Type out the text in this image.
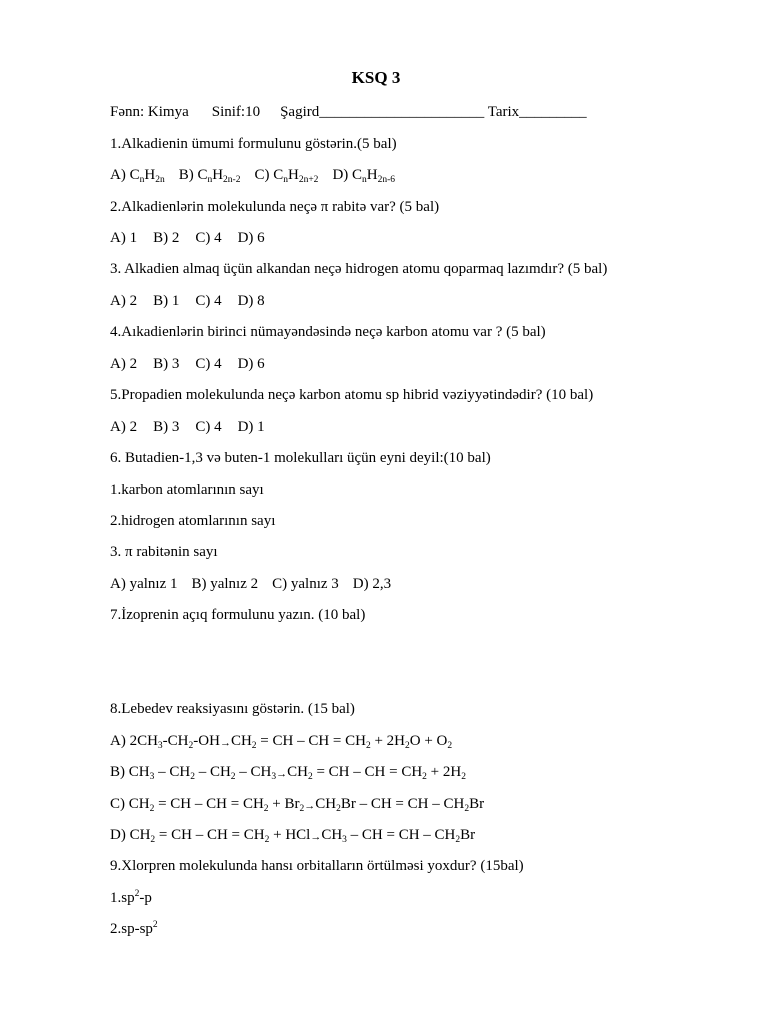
KSQ 3
Fənn: Kimya Sinif:10 Şagird______________________ Tarix_________
1.Alkadienin ümumi formulunu göstərin.(5 bal)
A) $C_nH_{2n}$ B) $C_nH_{2n-2}$ C) $C_nH_{2n+2}$ D) $C_nH_{2n-6}$
2.Alkadienlərin molekulunda neçə π rabitə var? (5 bal)
A) 1 B) 2 C) 4 D) 6
3. Alkadien almaq üçün alkandan neçə hidrogen atomu qoparmaq lazımdır? (5 bal)
A) 2 B) 1 C) 4 D) 8
4.Aıkadienlərin birinci nümayəndəsində neçə karbon atomu var ? (5 bal)
A) 2 B) 3 C) 4 D) 6
5.Propadien molekulunda neçə karbon atomu sp hibrid vəziyyətindədir? (10 bal)
A) 2 B) 3 C) 4 D) 1
6. Butadien-1,3 və buten-1 molekulları üçün eyni deyil:(10 bal)
1.karbon atomlarının sayı
2.hidrogen atomlarının sayı
3. π rabitənin sayı
A) yalnız 1 B) yalnız 2 C) yalnız 3 D) 2,3
7.İzoprenin açıq formulunu yazın. (10 bal)
8.Lebedev reaksiyasını göstərin. (15 bal)
A) $2CH_3-CH_2-OH\to CH_2$ = CH – CH = $CH_2 + 2H_2O + O_2$
B) $CH_3 - CH_2 - CH_2 - CH_3\to CH_2$ = CH – CH = $CH_2 + 2H_2$
C) $CH_2$ = CH – CH = $CH_2 + Br_2\to CH_2Br$ – CH = CH – $CH_2Br$
D) $CH_2$ = CH – CH = $CH_2 + HCl\to CH_3$ – CH = CH – $CH_2Br$
9.Xlorpren molekulunda hansı orbitalların örtülməsi yoxdur? (15bal)
$1.sp^2-p$
$2.sp-sp^2$
